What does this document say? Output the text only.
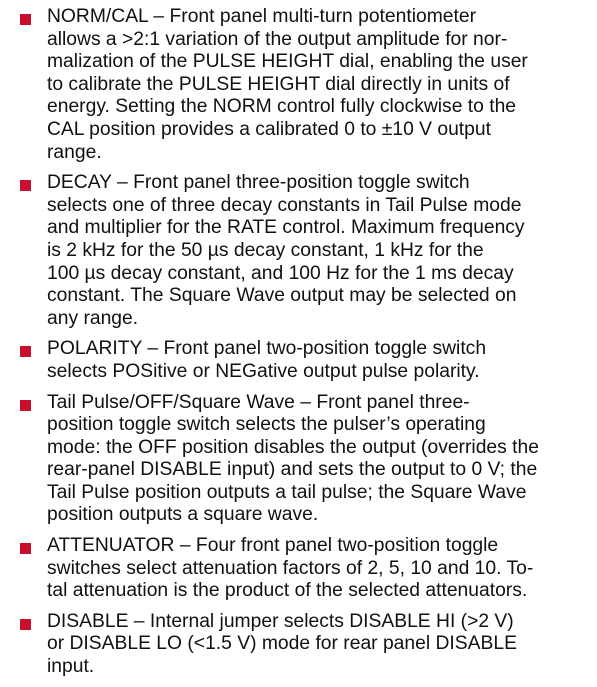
NORM/CAL – Front panel multi-turn potentiometer
allows a >2:1 variation of the output amplitude for nor-
malization of the PULSE HEIGHT dial, enabling the user
to calibrate the PULSE HEIGHT dial directly in units of
energy. Setting the NORM control fully clockwise to the
CAL position provides a calibrated 0 to ±10 V output
range.

DECAY – Front panel three-position toggle switch
selects one of three decay constants in Tail Pulse mode
and multiplier for the RATE control. Maximum frequency
is 2 kHz for the 50 µs decay constant, 1 kHz for the
100 µs decay constant, and 100 Hz for the 1 ms decay
constant. The Square Wave output may be selected on
any range.

POLARITY – Front panel two-position toggle switch
selects POSitive or NEGative output pulse polarity.

Tail Pulse/OFF/Square Wave – Front panel three-
position toggle switch selects the pulser’s operating
mode: the OFF position disables the output (overrides the
rear-panel DISABLE input) and sets the output to 0 V; the
Tail Pulse position outputs a tail pulse; the Square Wave
position outputs a square wave.

ATTENUATOR – Four front panel two-position toggle
switches select attenuation factors of 2, 5, 10 and 10. To-
tal attenuation is the product of the selected attenuators.

DISABLE – Internal jumper selects DISABLE HI (>2 V)
or DISABLE LO (<1.5 V) mode for rear panel DISABLE
input.
